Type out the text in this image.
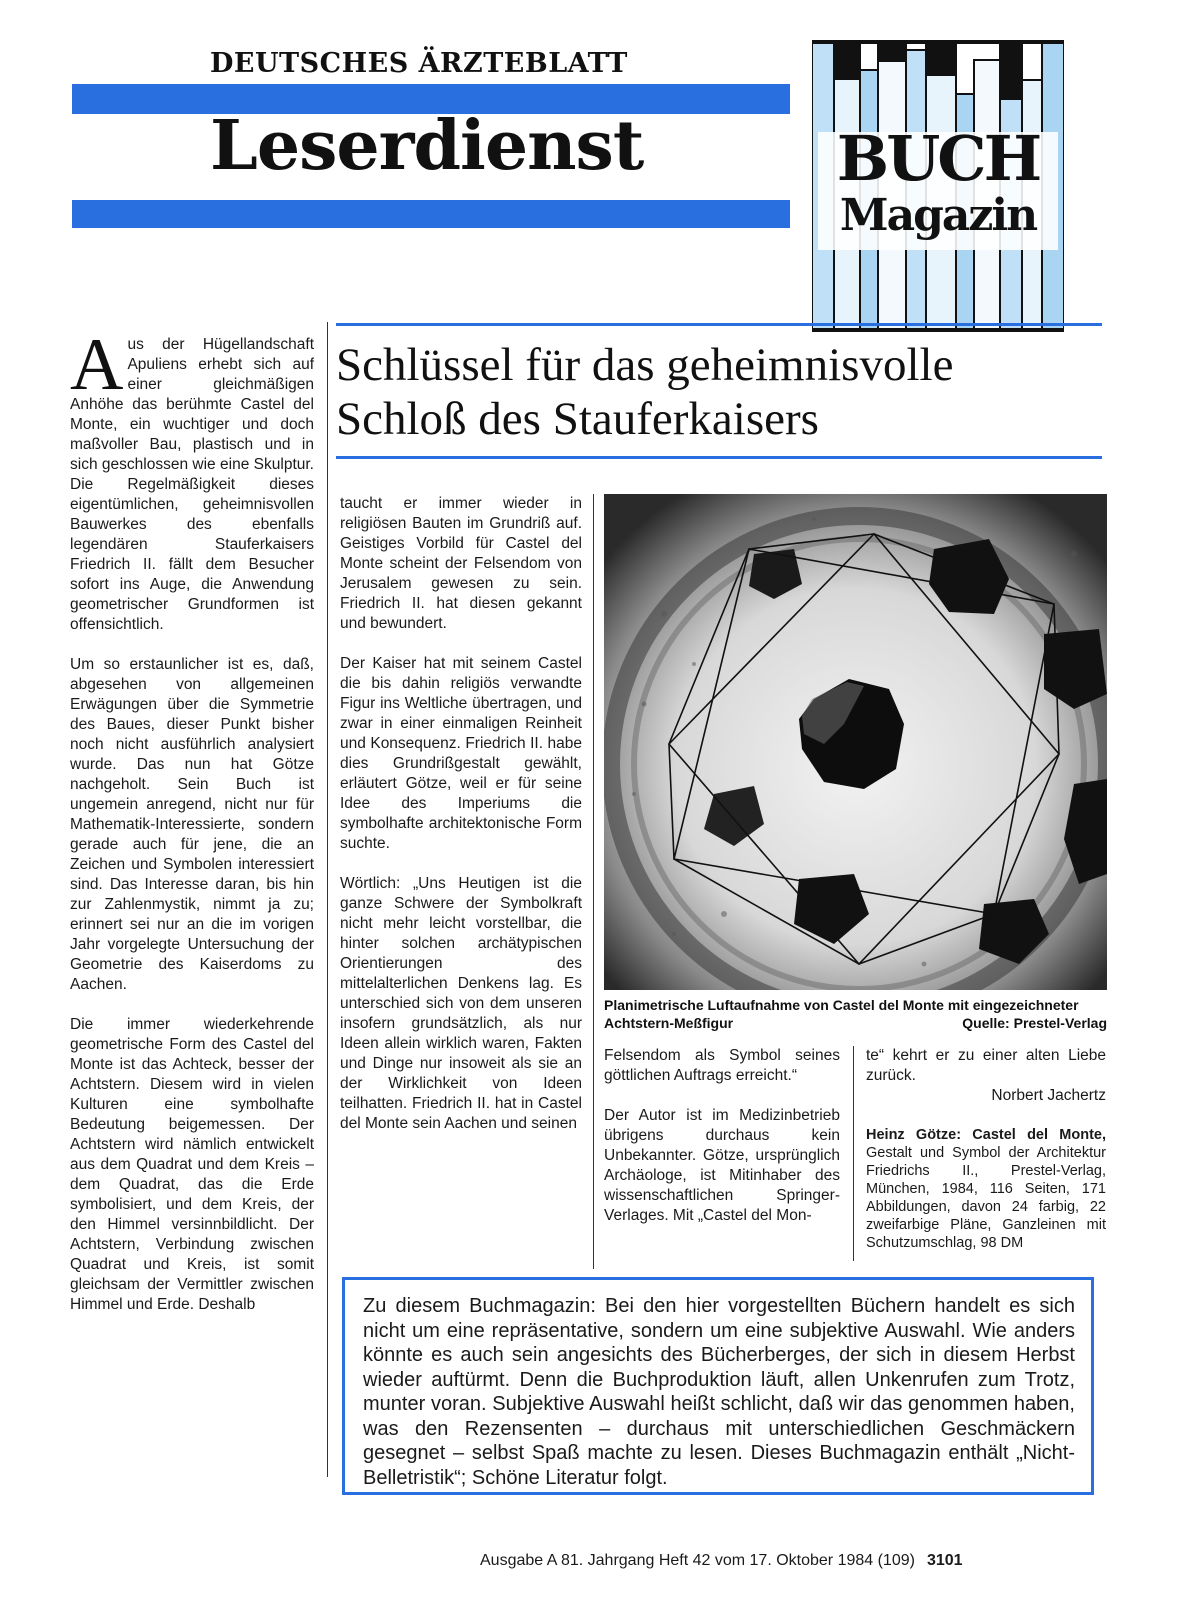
DEUTSCHES ÄRZTEBLATT
Leserdienst	BUCH
Magazin
Schlüssel für das geheimnisvolle
Schloß des Stauferkaisers

Aus der Hügellandschaft Apuliens erhebt sich auf einer gleichmäßigen Anhöhe das berühmte Castel del Monte, ein wuchtiger und doch maßvoller Bau, plastisch und in sich geschlossen wie eine Skulptur. Die Regelmäßigkeit dieses eigentümlichen, geheimnisvollen Bauwerkes des ebenfalls legendären Stauferkaisers Friedrich II. fällt dem Besucher sofort ins Auge, die Anwendung geometrischer Grundformen ist offensichtlich.

Um so erstaunlicher ist es, daß, abgesehen von allgemeinen Erwägungen über die Symmetrie des Baues, dieser Punkt bisher noch nicht ausführlich analysiert wurde. Das nun hat Götze nachgeholt. Sein Buch ist ungemein anregend, nicht nur für Mathematik-Interessierte, sondern gerade auch für jene, die an Zeichen und Symbolen interessiert sind. Das Interesse daran, bis hin zur Zahlenmystik, nimmt ja zu; erinnert sei nur an die im vorigen Jahr vorgelegte Untersuchung der Geometrie des Kaiserdoms zu Aachen.

Die immer wiederkehrende geometrische Form des Castel del Monte ist das Achteck, besser der Achtstern. Diesem wird in vielen Kulturen eine symbolhafte Bedeutung beigemessen. Der Achtstern wird nämlich entwickelt aus dem Quadrat und dem Kreis – dem Quadrat, das die Erde symbolisiert, und dem Kreis, der den Himmel versinnbildlicht. Der Achtstern, Verbindung zwischen Quadrat und Kreis, ist somit gleichsam der Vermittler zwischen Himmel und Erde. Deshalb

taucht er immer wieder in religiösen Bauten im Grundriß auf. Geistiges Vorbild für Castel del Monte scheint der Felsendom von Jerusalem gewesen zu sein. Friedrich II. hat diesen gekannt und bewundert.

Der Kaiser hat mit seinem Castel die bis dahin religiös verwandte Figur ins Weltliche übertragen, und zwar in einer einmaligen Reinheit und Konsequenz. Friedrich II. habe dies Grundrißgestalt gewählt, erläutert Götze, weil er für seine Idee des Imperiums die symbolhafte architektonische Form suchte.

Wörtlich: „Uns Heutigen ist die ganze Schwere der Symbolkraft nicht mehr leicht vorstellbar, die hinter solchen archätypischen Orientierungen des mittelalterlichen Denkens lag. Es unterschied sich von dem unseren insofern grundsätzlich, als nur Ideen allein wirklich waren, Fakten und Dinge nur insoweit als sie an der Wirklichkeit von Ideen teilhatten. Friedrich II. hat in Castel del Monte sein Aachen und seinen

Planimetrische Luftaufnahme von Castel del Monte mit eingezeichneter Achtstern-Meßfigur	Quelle: Prestel-Verlag

Felsendom als Symbol seines göttlichen Auftrags erreicht.“

Der Autor ist im Medizinbetrieb übrigens durchaus kein Unbekannter. Götze, ursprünglich Archäologe, ist Mitinhaber des wissenschaftlichen Springer-Verlages. Mit „Castel del Mon-

te“ kehrt er zu einer alten Liebe zurück.

Norbert Jachertz

Heinz Götze: Castel del Monte, Gestalt und Symbol der Architektur Friedrichs II., Prestel-Verlag, München, 1984, 116 Seiten, 171 Abbildungen, davon 24 farbig, 22 zweifarbige Pläne, Ganzleinen mit Schutzumschlag, 98 DM

Zu diesem Buchmagazin: Bei den hier vorgestellten Büchern handelt es sich nicht um eine repräsentative, sondern um eine subjektive Auswahl. Wie anders könnte es auch sein angesichts des Bücherberges, der sich in diesem Herbst wieder auftürmt. Denn die Buchproduktion läuft, allen Unkenrufen zum Trotz, munter voran. Subjektive Auswahl heißt schlicht, daß wir das genommen haben, was den Rezensenten – durchaus mit unterschiedlichen Geschmäckern gesegnet – selbst Spaß machte zu lesen. Dieses Buchmagazin enthält „Nicht-Belletristik“; Schöne Literatur folgt.
Ausgabe A 81. Jahrgang Heft 42 vom 17. Oktober 1984 (109) 3101
